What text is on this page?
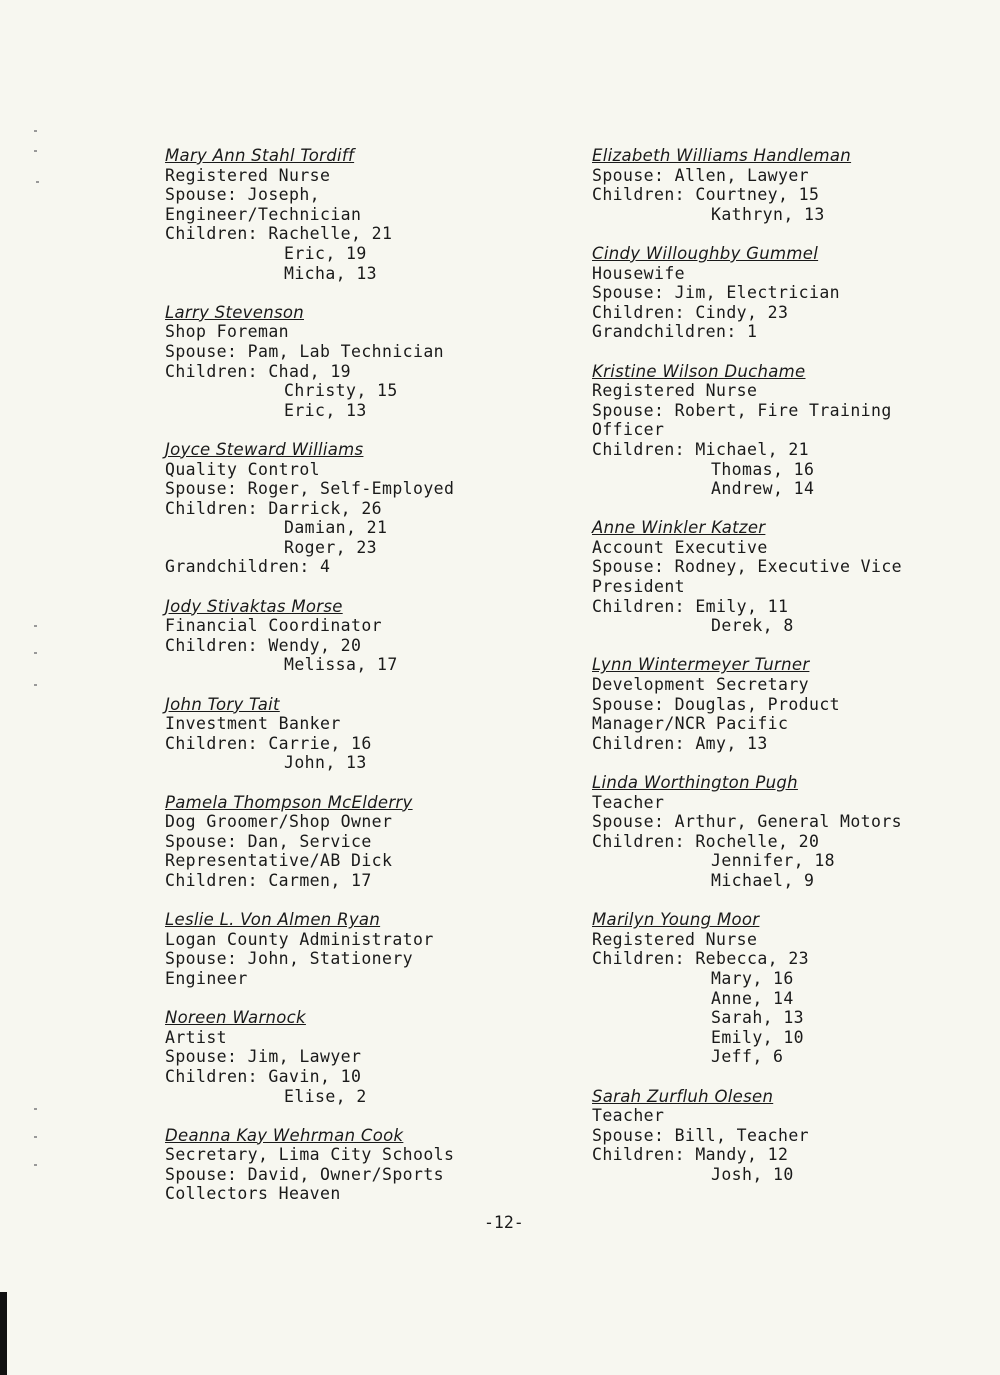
Mary Ann Stahl Tordiff
Registered Nurse
Spouse: Joseph,
Engineer/Technician
Children: Rachelle, 21
Eric, 19
Micha, 13
Larry Stevenson
Shop Foreman
Spouse: Pam, Lab Technician
Children: Chad, 19
Christy, 15
Eric, 13
Joyce Steward Williams
Quality Control
Spouse: Roger, Self-Employed
Children: Darrick, 26
Damian, 21
Roger, 23
Grandchildren: 4
Jody Stivaktas Morse
Financial Coordinator
Children: Wendy, 20
Melissa, 17
John Tory Tait
Investment Banker
Children: Carrie, 16
John, 13
Pamela Thompson McElderry
Dog Groomer/Shop Owner
Spouse: Dan, Service
Representative/AB Dick
Children: Carmen, 17
Leslie L. Von Almen Ryan
Logan County Administrator
Spouse: John, Stationery
Engineer
Noreen Warnock
Artist
Spouse: Jim, Lawyer
Children: Gavin, 10
Elise, 2
Deanna Kay Wehrman Cook
Secretary, Lima City Schools
Spouse: David, Owner/Sports
Collectors Heaven
Elizabeth Williams Handleman
Spouse: Allen, Lawyer
Children: Courtney, 15
Kathryn, 13
Cindy Willoughby Gummel
Housewife
Spouse: Jim, Electrician
Children: Cindy, 23
Grandchildren: 1
Kristine Wilson Duchame
Registered Nurse
Spouse: Robert, Fire Training
Officer
Children: Michael, 21
Thomas, 16
Andrew, 14
Anne Winkler Katzer
Account Executive
Spouse: Rodney, Executive Vice
President
Children: Emily, 11
Derek, 8
Lynn Wintermeyer Turner
Development Secretary
Spouse: Douglas, Product
Manager/NCR Pacific
Children: Amy, 13
Linda Worthington Pugh
Teacher
Spouse: Arthur, General Motors
Children: Rochelle, 20
Jennifer, 18
Michael, 9
Marilyn Young Moor
Registered Nurse
Children: Rebecca, 23
Mary, 16
Anne, 14
Sarah, 13
Emily, 10
Jeff, 6
Sarah Zurfluh Olesen
Teacher
Spouse: Bill, Teacher
Children: Mandy, 12
Josh, 10
-12-
